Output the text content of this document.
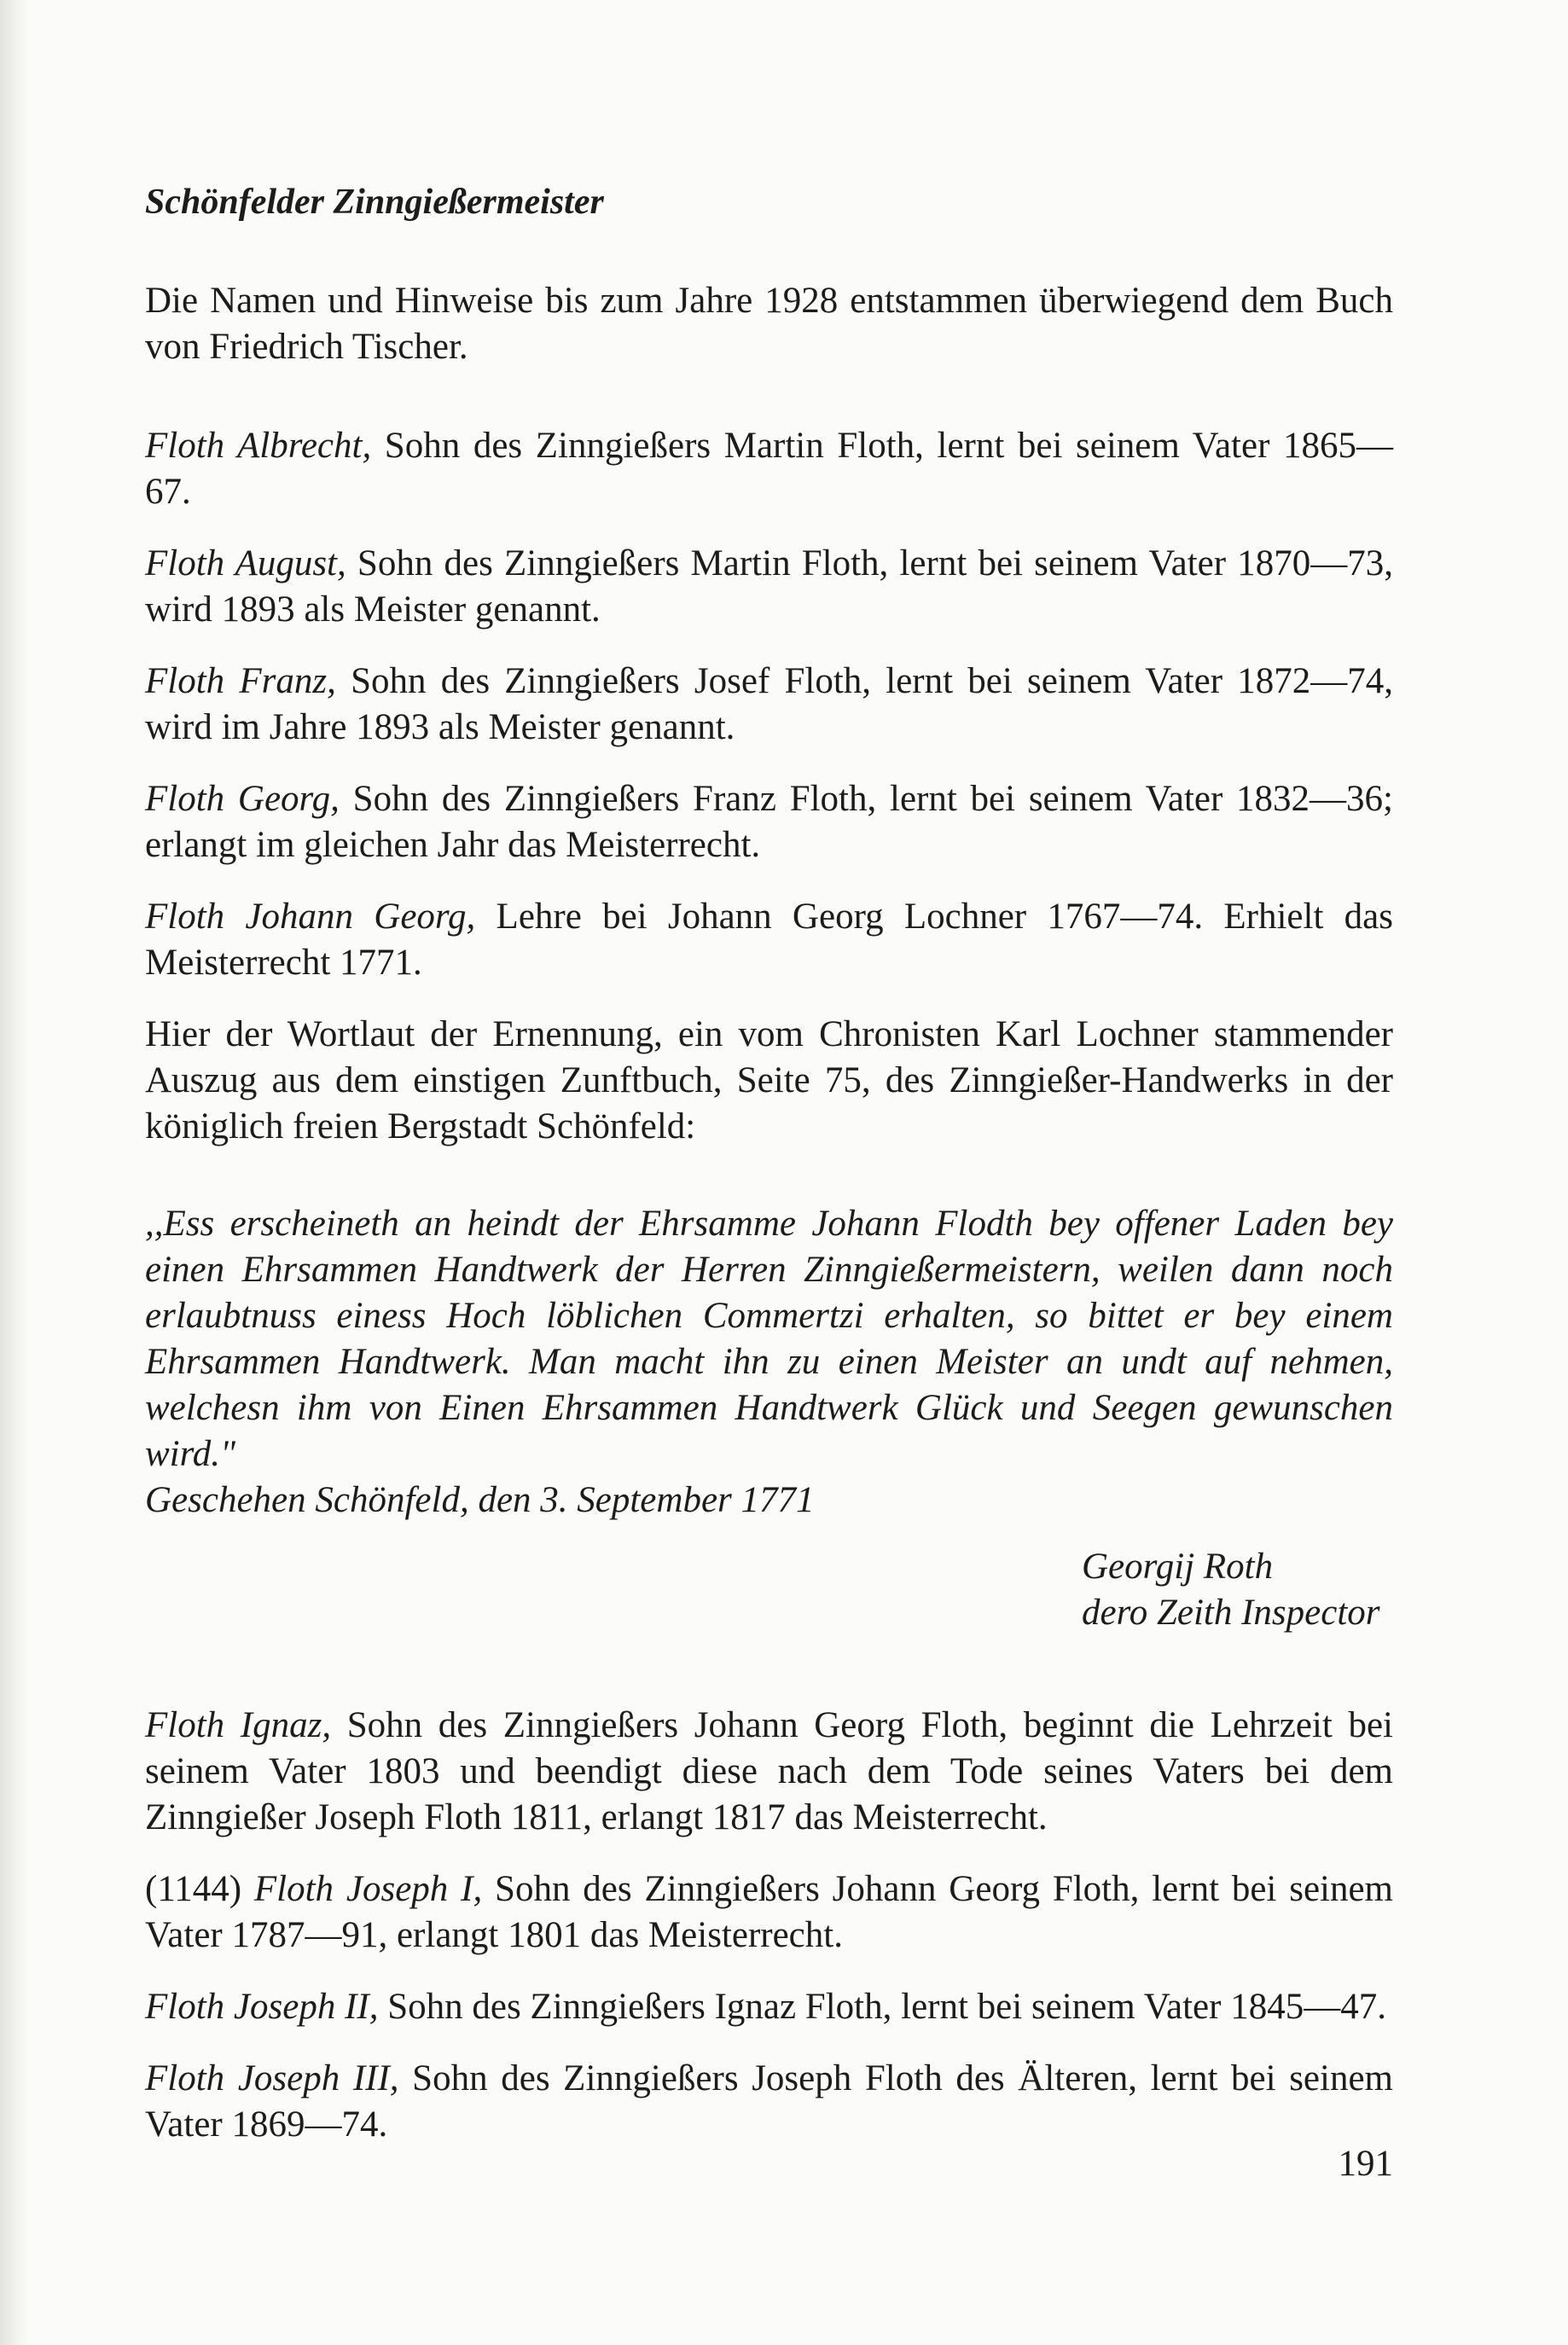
Schönfelder Zinngießermeister

Die Namen und Hinweise bis zum Jahre 1928 entstammen überwiegend dem Buch von Friedrich Tischer.

Floth Albrecht, Sohn des Zinngießers Martin Floth, lernt bei seinem Vater 1865—67.

Floth August, Sohn des Zinngießers Martin Floth, lernt bei seinem Vater 1870—73, wird 1893 als Meister genannt.

Floth Franz, Sohn des Zinngießers Josef Floth, lernt bei seinem Vater 1872—74, wird im Jahre 1893 als Meister genannt.

Floth Georg, Sohn des Zinngießers Franz Floth, lernt bei seinem Vater 1832—36; erlangt im gleichen Jahr das Meisterrecht.

Floth Johann Georg, Lehre bei Johann Georg Lochner 1767—74. Erhielt das Meisterrecht 1771.

Hier der Wortlaut der Ernennung, ein vom Chronisten Karl Lochner stammender Auszug aus dem einstigen Zunftbuch, Seite 75, des Zinngießer-Handwerks in der königlich freien Bergstadt Schönfeld:

,,Ess erscheineth an heindt der Ehrsamme Johann Flodth bey offener Laden bey einen Ehrsammen Handtwerk der Herren Zinngießermeistern, weilen dann noch erlaubtnuss einess Hoch löblichen Commertzi erhalten, so bittet er bey einem Ehrsammen Handtwerk. Man macht ihn zu einen Meister an undt auf nehmen, welchesn ihm von Einen Ehrsammen Handtwerk Glück und Seegen gewunschen wird."
Geschehen Schönfeld, den 3. September 1771
Georgij Roth
dero Zeith Inspector

Floth Ignaz, Sohn des Zinngießers Johann Georg Floth, beginnt die Lehrzeit bei seinem Vater 1803 und beendigt diese nach dem Tode seines Vaters bei dem Zinngießer Joseph Floth 1811, erlangt 1817 das Meisterrecht.

(1144) Floth Joseph I, Sohn des Zinngießers Johann Georg Floth, lernt bei seinem Vater 1787—91, erlangt 1801 das Meisterrecht.

Floth Joseph II, Sohn des Zinngießers Ignaz Floth, lernt bei seinem Vater 1845—47.

Floth Joseph III, Sohn des Zinngießers Joseph Floth des Älteren, lernt bei seinem Vater 1869—74.

191
